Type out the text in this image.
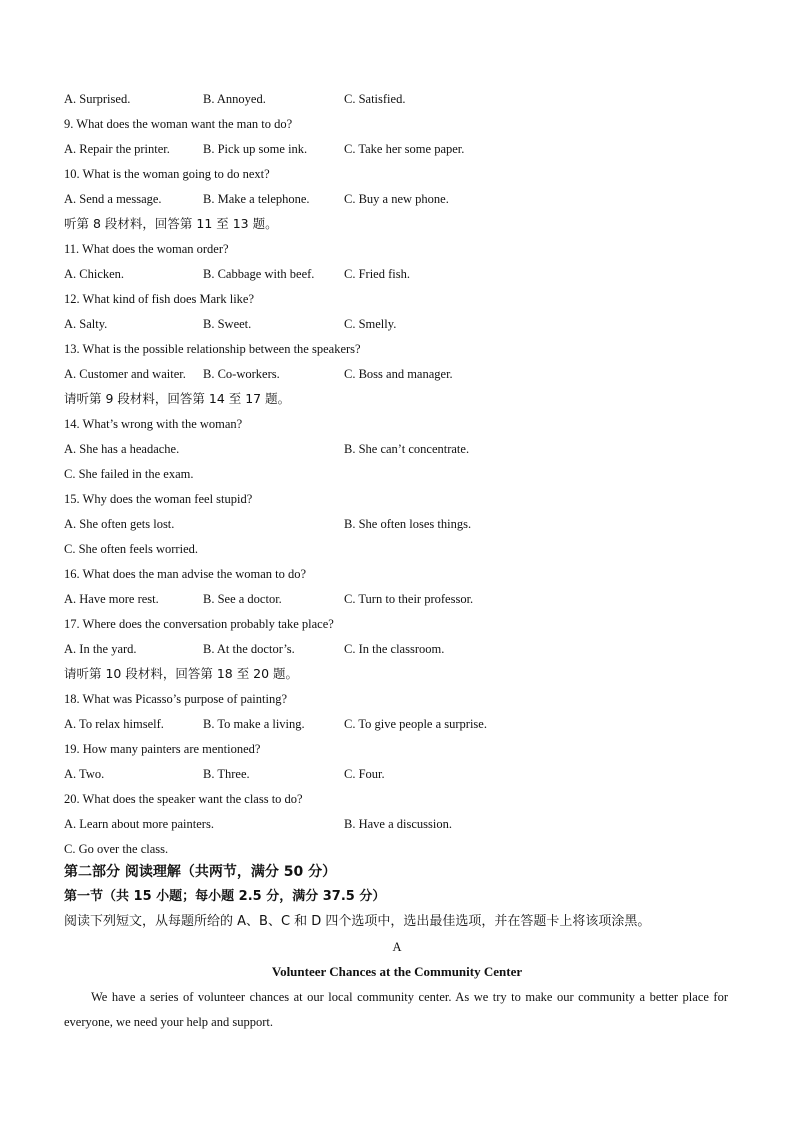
A. Surprised.	B. Annoyed.	C. Satisfied.
9. What does the woman want the man to do?
A. Repair the printer.	B. Pick up some ink.	C. Take her some paper.
10. What is the woman going to do next?
A. Send a message.	B. Make a telephone.	C. Buy a new phone.
听第 8 段材料，回答第 11 至 13 题。
11. What does the woman order?
A. Chicken.	B. Cabbage with beef. C. Fried fish.
12. What kind of fish does Mark like?
A. Salty.	B. Sweet.	C. Smelly.
13. What is the possible relationship between the speakers?
A. Customer and waiter. B. Co-workers.	C. Boss and manager.
请听第 9 段材料，回答第 14 至 17 题。
14. What’s wrong with the woman?
A. She has a headache.	B. She can’t concentrate.
C. She failed in the exam.
15. Why does the woman feel stupid?
A. She often gets lost.	B. She often loses things.
C. She often feels worried.
16. What does the man advise the woman to do?
A. Have more rest.	B. See a doctor.	C. Turn to their professor.
17. Where does the conversation probably take place?
A. In the yard.	B. At the doctor’s.	C. In the classroom.
请听第 10 段材料，回答第 18 至 20 题。
18. What was Picasso’s purpose of painting?
A. To relax himself.	B. To make a living.	C. To give people a surprise.
19. How many painters are mentioned?
A. Two.	B. Three.	C. Four.
20. What does the speaker want the class to do?
A. Learn about more painters.	B. Have a discussion.
C. Go over the class.
第二部分 阅读理解（共两节，满分 50 分）
第一节（共 15 小题；每小题 2.5 分，满分 37.5 分）
阅读下列短文，从每题所给的 A、B、C 和 D 四个选项中，选出最佳选项，并在答题卡上将该项涂黑。
A
Volunteer Chances at the Community Center
We have a series of volunteer chances at our local community center. As we try to make our community a better place for everyone, we need your help and support.
